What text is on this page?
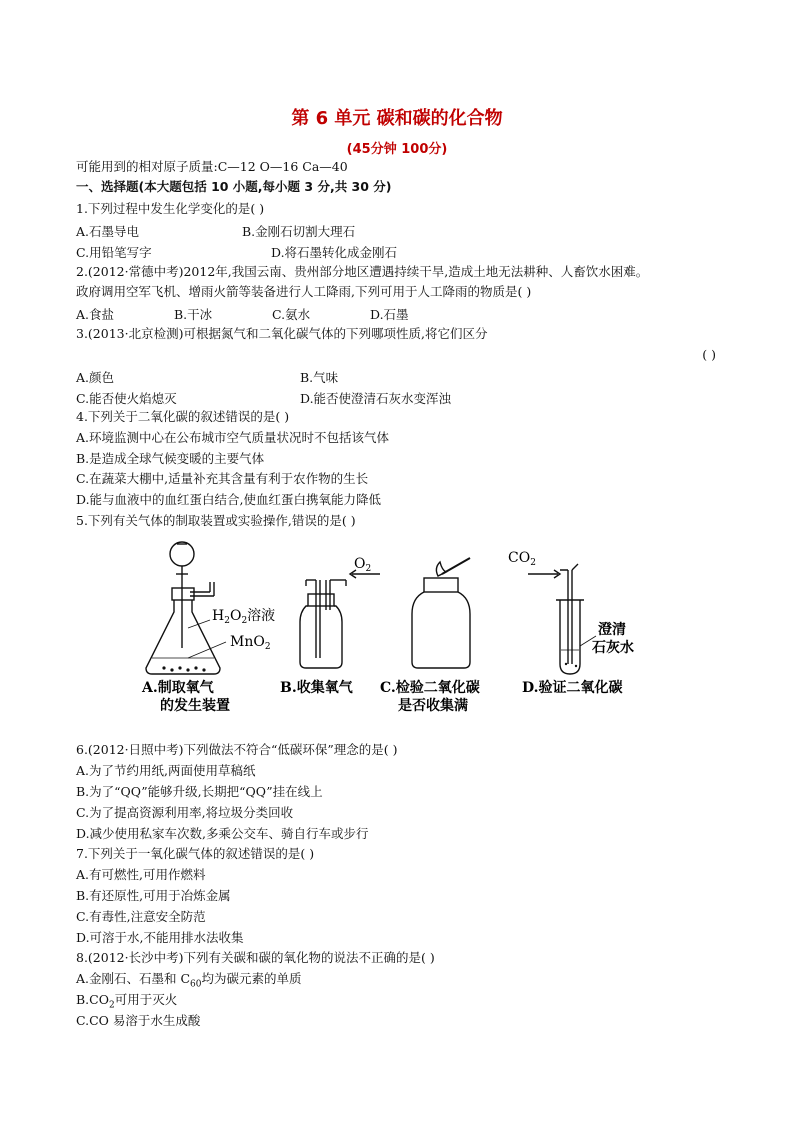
第 6 单元 碳和碳的化合物
(45分钟 100分)
可能用到的相对原子质量:C—12 O—16 Ca—40
一、选择题(本大题包括 10 小题,每小题 3 分,共 30 分)
1.下列过程中发生化学变化的是( )
A.石墨导电	B.金刚石切割大理石
C.用铅笔写字	D.将石墨转化成金刚石
2.(2012·常德中考)2012年,我国云南、贵州部分地区遭遇持续干旱,造成土地无法耕种、人畜饮水困难。
政府调用空军飞机、增雨火箭等装备进行人工降雨,下列可用于人工降雨的物质是( )
A.食盐	B.干冰	C.氨水	D.石墨
3.(2013·北京检测)可根据氮气和二氧化碳气体的下列哪项性质,将它们区分
( )
A.颜色	B.气味
C.能否使火焰熄灭	D.能否使澄清石灰水变浑浊
4.下列关于二氧化碳的叙述错误的是( )
A.环境监测中心在公布城市空气质量状况时不包括该气体
B.是造成全球气候变暖的主要气体
C.在蔬菜大棚中,适量补充其含量有利于农作物的生长
D.能与血液中的血红蛋白结合,使血红蛋白携氧能力降低
5.下列有关气体的制取装置或实验操作,错误的是( )
$H_2O_2$溶液
MnO$_2$
$O_2$
$CO_2$
澄清
石灰水
A.制取氧气
的发生装置
B.收集氧气 C.检验二氧化碳
是否收集满
D.验证二氧化碳
6.(2012·日照中考)下列做法不符合“低碳环保”理念的是( )
A.为了节约用纸,两面使用草稿纸
B.为了“QQ”能够升级,长期把“QQ”挂在线上
C.为了提高资源利用率,将垃圾分类回收
D.减少使用私家车次数,多乘公交车、骑自行车或步行
7.下列关于一氧化碳气体的叙述错误的是( )
A.有可燃性,可用作燃料
B.有还原性,可用于冶炼金属
C.有毒性,注意安全防范
D.可溶于水,不能用排水法收集
8.(2012·长沙中考)下列有关碳和碳的氧化物的说法不正确的是( )
A.金刚石、石墨和 $C_{60}$均为碳元素的单质
$B.CO_2$可用于灭火
C.CO 易溶于水生成酸
